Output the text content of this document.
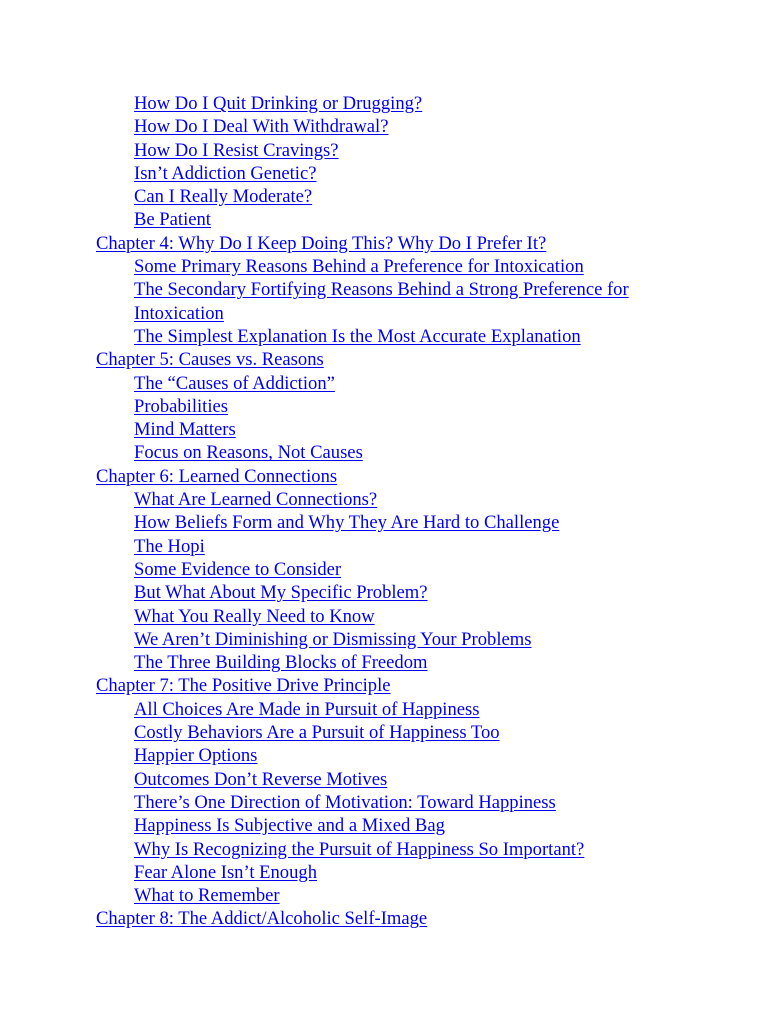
How Do I Quit Drinking or Drugging?
How Do I Deal With Withdrawal?
How Do I Resist Cravings?
Isn’t Addiction Genetic?
Can I Really Moderate?
Be Patient
Chapter 4: Why Do I Keep Doing This? Why Do I Prefer It?
Some Primary Reasons Behind a Preference for Intoxication
The Secondary Fortifying Reasons Behind a Strong Preference for Intoxication
The Simplest Explanation Is the Most Accurate Explanation
Chapter 5: Causes vs. Reasons
The “Causes of Addiction”
Probabilities
Mind Matters
Focus on Reasons, Not Causes
Chapter 6: Learned Connections
What Are Learned Connections?
How Beliefs Form and Why They Are Hard to Challenge
The Hopi
Some Evidence to Consider
But What About My Specific Problem?
What You Really Need to Know
We Aren’t Diminishing or Dismissing Your Problems
The Three Building Blocks of Freedom
Chapter 7: The Positive Drive Principle
All Choices Are Made in Pursuit of Happiness
Costly Behaviors Are a Pursuit of Happiness Too
Happier Options
Outcomes Don’t Reverse Motives
There’s One Direction of Motivation: Toward Happiness
Happiness Is Subjective and a Mixed Bag
Why Is Recognizing the Pursuit of Happiness So Important?
Fear Alone Isn’t Enough
What to Remember
Chapter 8: The Addict/Alcoholic Self-Image
